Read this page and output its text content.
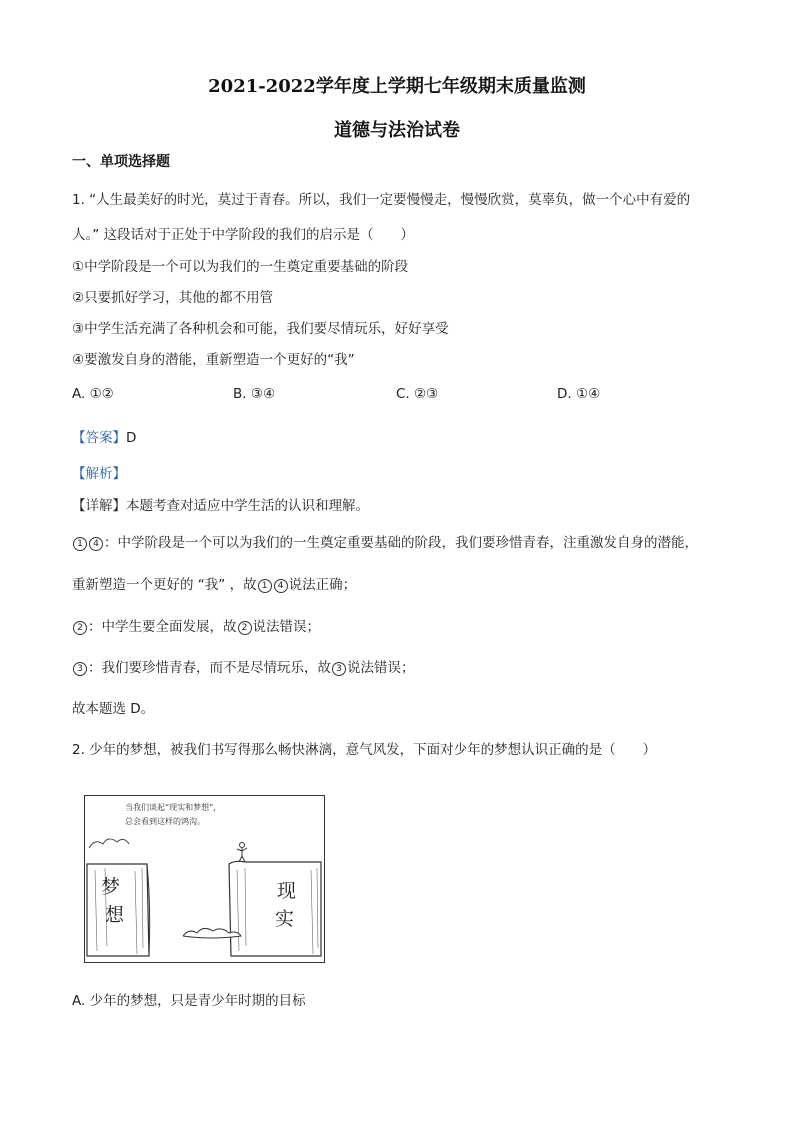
2021-2022学年度上学期七年级期末质量监测
道德与法治试卷
一、单项选择题
1. “人生最美好的时光，莫过于青春。所以，我们一定要慢慢走，慢慢欣赏，莫辜负，做一个心中有爱的
人。” 这段话对于正处于中学阶段的我们的启示是（　　）
①中学阶段是一个可以为我们的一生奠定重要基础的阶段
②只要抓好学习，其他的都不用管
③中学生活充满了各种机会和可能，我们要尽情玩乐，好好享受
④要激发自身的潜能，重新塑造一个更好的“我”
A. ①②	B. ③④	C. ②③	D. ①④
【答案】D
【解析】
【详解】本题考查对适应中学生活的认识和理解。
1 4 ：中学阶段是一个可以为我们的一生奠定重要基础的阶段，我们要珍惜青春，注重激发自身的潜能，
重新塑造一个更好的 “我” ，故 1 4 说法正确；
2 ：中学生要全面发展，故 2 说法错误；
3 ：我们要珍惜青春，而不是尽情玩乐，故 3 说法错误；
故本题选 D。
2. 少年的梦想，被我们书写得那么畅快淋漓，意气风发，下面对少年的梦想认识正确的是（　　）
当我们谈起“现实和梦想”，
总会看到这样的鸿沟。
梦
想
现
实
A. 少年的梦想，只是青少年时期的目标
